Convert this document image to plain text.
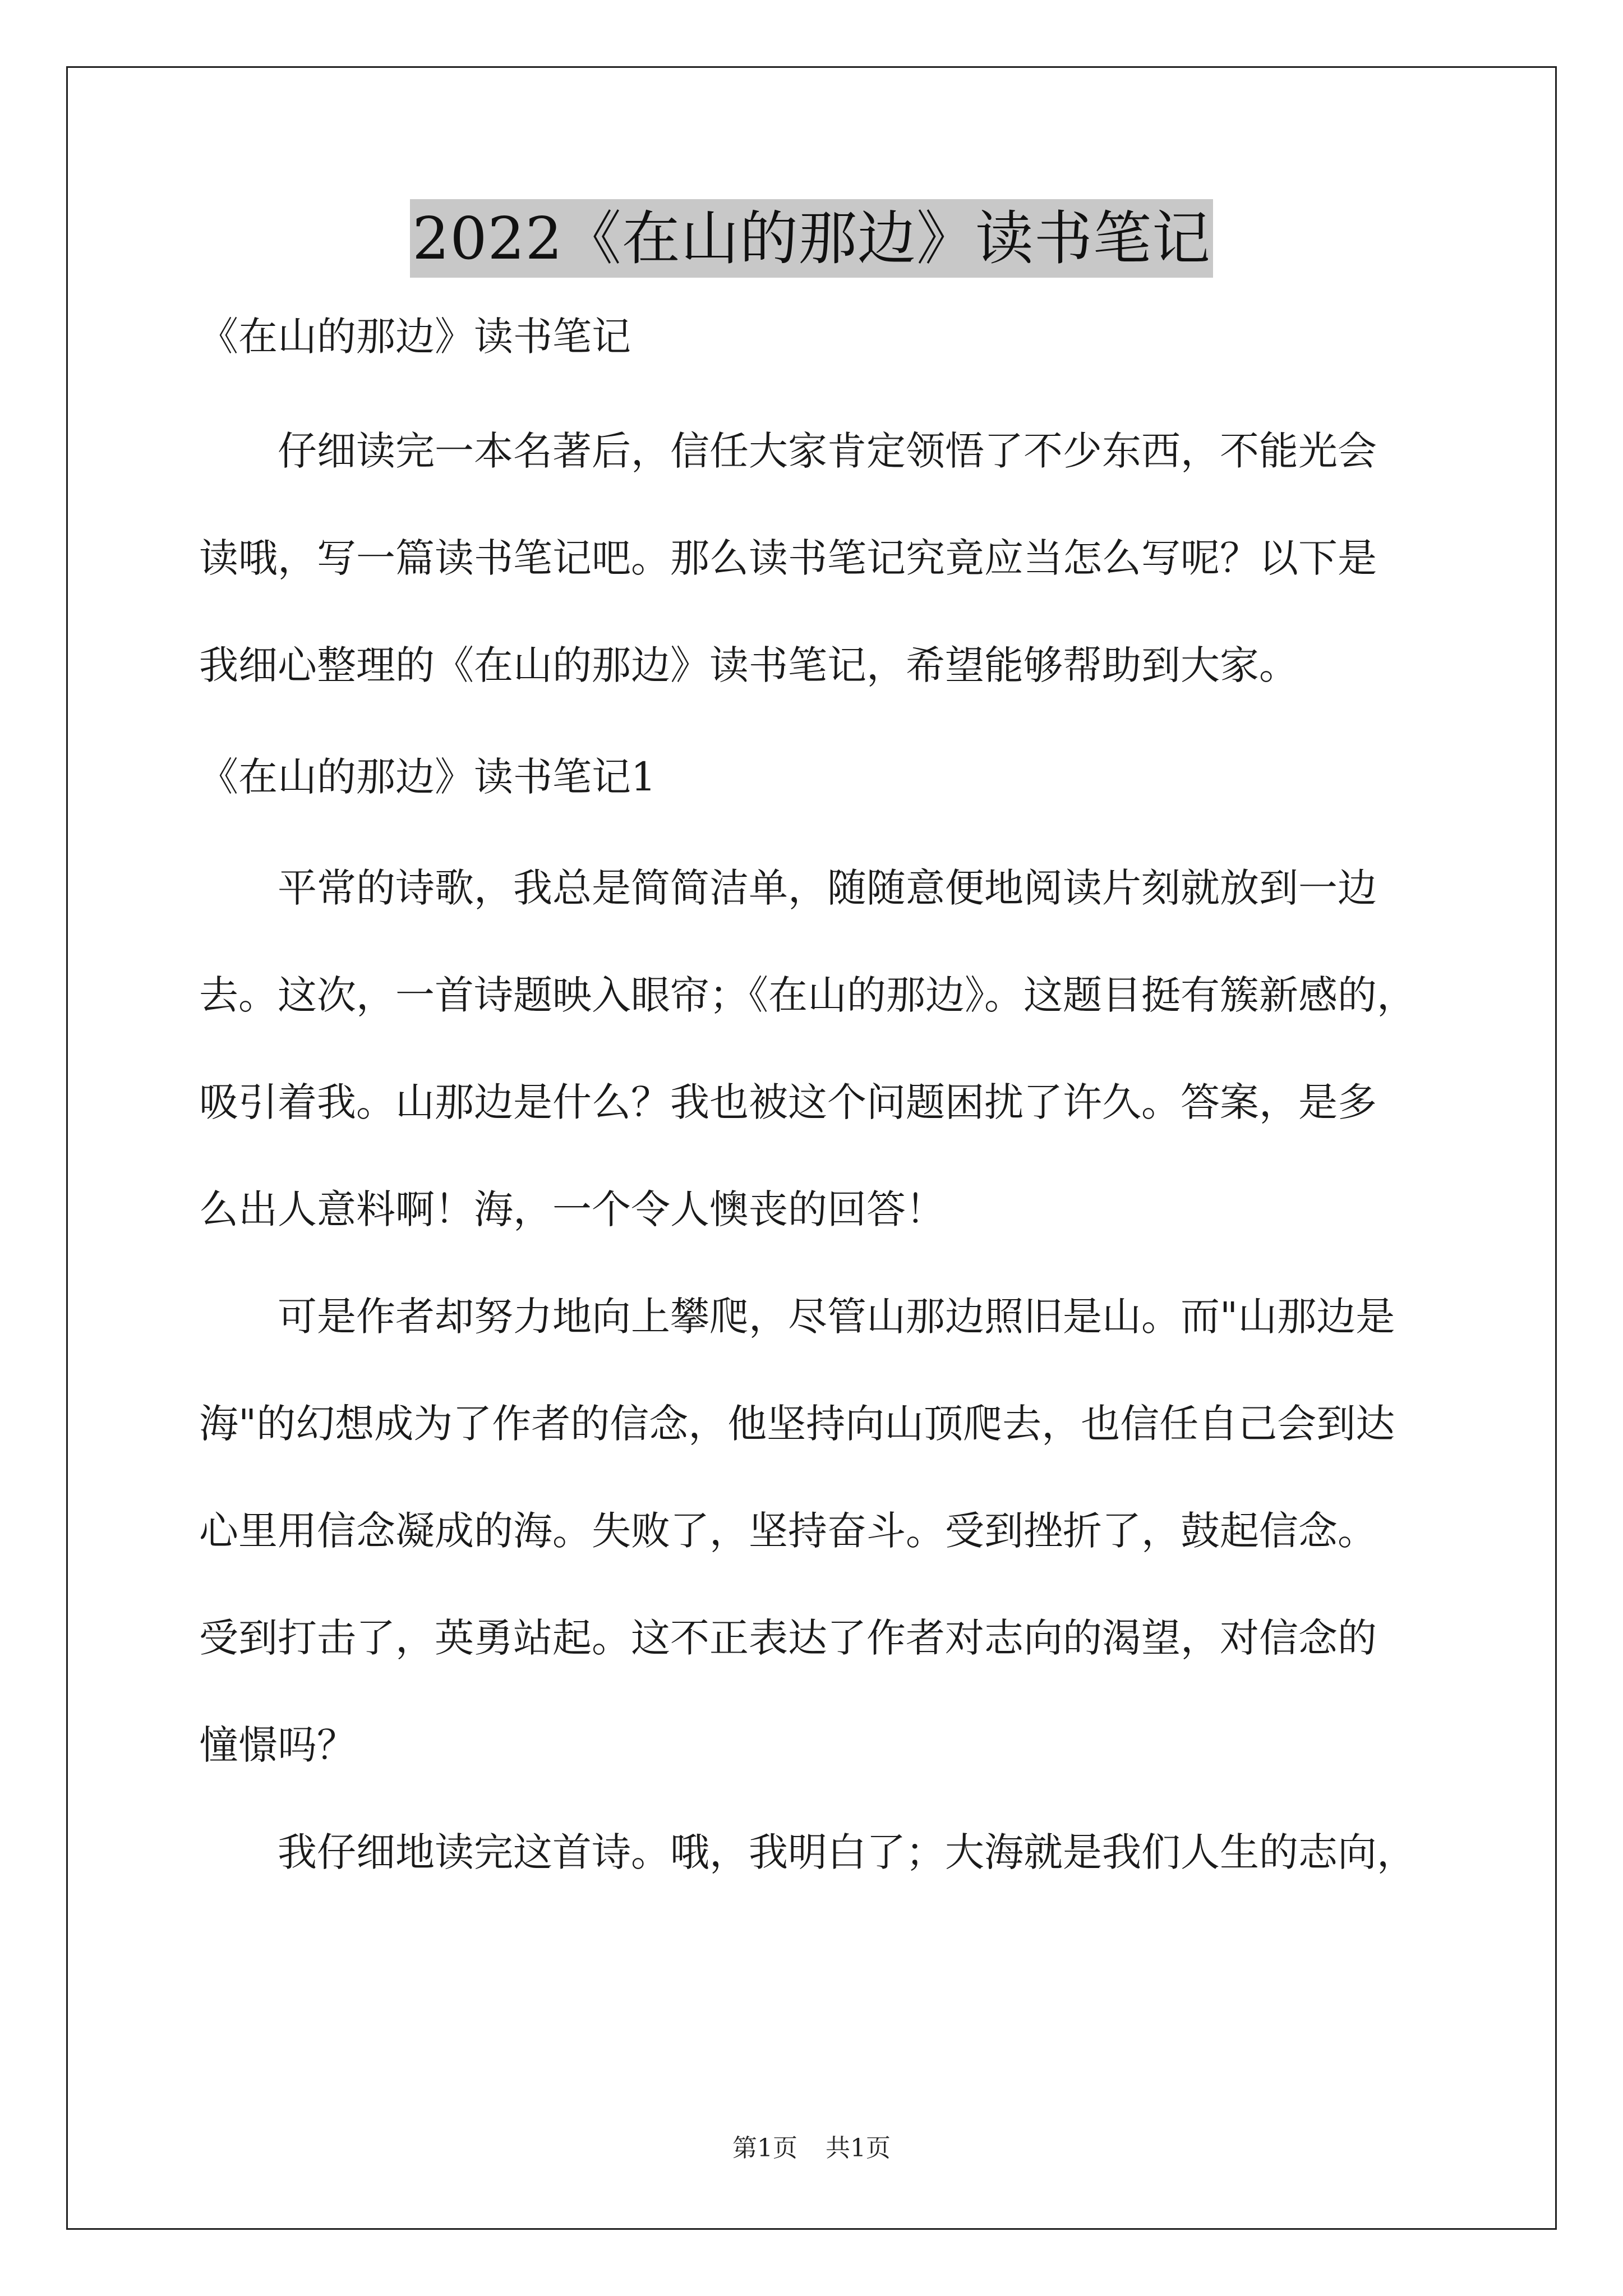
2022《在山的那边》读书笔记
《在山的那边》读书笔记

　　仔细读完一本名著后，信任大家肯定领悟了不少东西，不能光会

读哦，写一篇读书笔记吧。那么读书笔记究竟应当怎么写呢？以下是

我细心整理的《在山的那边》读书笔记，希望能够帮助到大家。

《在山的那边》读书笔记1

　　平常的诗歌，我总是简简洁单，随随意便地阅读片刻就放到一边

去。这次，一首诗题映入眼帘；《在山的那边》。这题目挺有簇新感的，

吸引着我。山那边是什么？我也被这个问题困扰了许久。答案，是多

么出人意料啊！海，一个令人懊丧的回答！

　　可是作者却努力地向上攀爬，尽管山那边照旧是山。而"山那边是

海"的幻想成为了作者的信念，他坚持向山顶爬去，也信任自己会到达

心里用信念凝成的海。失败了，坚持奋斗。受到挫折了，鼓起信念。

受到打击了，英勇站起。这不正表达了作者对志向的渴望，对信念的

憧憬吗？

　　我仔细地读完这首诗。哦，我明白了；大海就是我们人生的志向，

第1页 共1页
